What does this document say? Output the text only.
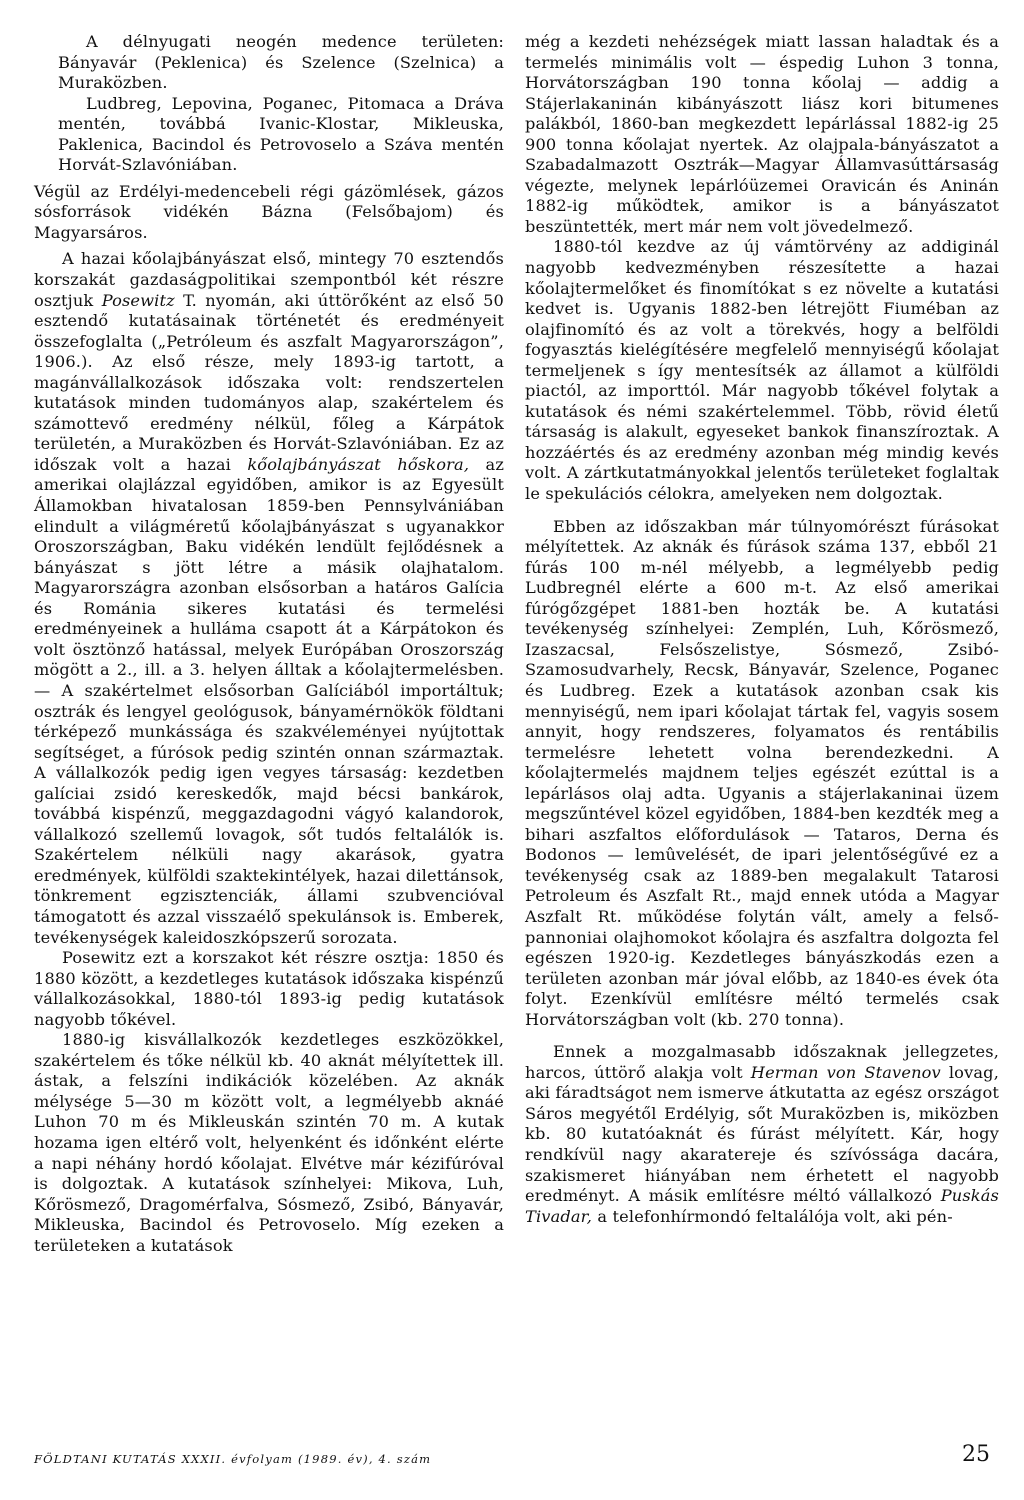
A délnyugati neogén medence területen: Bányavár (Peklenica) és Szelence (Szelnica) a Muraközben.

Ludbreg, Lepovina, Poganec, Pitomaca a Dráva mentén, továbbá Ivanic-Klostar, Mikleuska, Paklenica, Bacindol és Petrovoselo a Száva mentén Horvát-Szlavóniában.

Végül az Erdélyi-medencebeli régi gázömlések, gázos sósforrások vidékén Bázna (Felsőbajom) és Magyarsáros.

A hazai kőolajbányászat első, mintegy 70 esztendős korszakát gazdaságpolitikai szempontból két részre osztjuk Posewitz T. nyomán, aki úttörőként az első 50 esztendő kutatásainak történetét és eredményeit összefoglalta („Petróleum és aszfalt Magyarországon”, 1906.). Az első része, mely 1893-ig tartott, a magánvállalkozások időszaka volt: rendszertelen kutatások minden tudományos alap, szakértelem és számottevő eredmény nélkül, főleg a Kárpátok területén, a Muraközben és Horvát-Szlavóniában. Ez az időszak volt a hazai kőolajbányászat hőskora, az amerikai olajlázzal egyidőben, amikor is az Egyesült Államokban hivatalosan 1859-ben Pennsylvániában elindult a világméretű kőolajbányászat s ugyanakkor Oroszországban, Baku vidékén lendült fejlődésnek a bányászat s jött létre a másik olajhatalom. Magyarországra azonban elsősorban a határos Galícia és Románia sikeres kutatási és termelési eredményeinek a hulláma csapott át a Kárpátokon és volt ösztönző hatással, melyek Európában Oroszország mögött a 2., ill. a 3. helyen álltak a kőolajtermelésben. — A szakértelmet elsősorban Galíciából importáltuk; osztrák és lengyel geológusok, bányamérnökök földtani térképező munkássága és szakvéleményei nyújtottak segítséget, a fúrósok pedig szintén onnan származtak. A vállalkozók pedig igen vegyes társaság: kezdetben galíciai zsidó kereskedők, majd bécsi bankárok, továbbá kispénzű, meggazdagodni vágyó kalandorok, vállalkozó szellemű lovagok, sőt tudós feltalálók is. Szakértelem nélküli nagy akarások, gyatra eredmények, külföldi szaktekintélyek, hazai dilettánsok, tönkrement egzisztenciák, állami szubvencióval támogatott és azzal visszaélő spekulánsok is. Emberek, tevékenységek kaleidoszkópszerű sorozata.

Posewitz ezt a korszakot két részre osztja: 1850 és 1880 között, a kezdetleges kutatások időszaka kispénzű vállalkozásokkal, 1880-tól 1893-ig pedig kutatások nagyobb tőkével.

1880-ig kisvállalkozók kezdetleges eszközökkel, szakértelem és tőke nélkül kb. 40 aknát mélyítettek ill. ástak, a felszíni indikációk közelében. Az aknák mélysége 5—30 m között volt, a legmélyebb aknáé Luhon 70 m és Mikleuskán szintén 70 m. A kutak hozama igen eltérő volt, helyenként és időnként elérte a napi néhány hordó kőolajat. Elvétve már kézifúróval is dolgoztak. A kutatások színhelyei: Mikova, Luh, Kőrösmező, Dragomérfalva, Sósmező, Zsibó, Bányavár, Mikleuska, Bacindol és Petrovoselo. Míg ezeken a területeken a kutatások

még a kezdeti nehézségek miatt lassan haladtak és a termelés minimális volt — éspedig Luhon 3 tonna, Horvátországban 190 tonna kőolaj — addig a Stájerlakaninán kibányászott liász kori bitumenes palákból, 1860-ban megkezdett lepárlással 1882-ig 25 900 tonna kőolajat nyertek. Az olajpala-bányászatot a Szabadalmazott Osztrák—Magyar Államvasúttársaság végezte, melynek lepárlóüzemei Oravicán és Aninán 1882-ig működtek, amikor is a bányászatot beszüntették, mert már nem volt jövedelmező.

1880-tól kezdve az új vámtörvény az addiginál nagyobb kedvezményben részesítette a hazai kőolajtermelőket és finomítókat s ez növelte a kutatási kedvet is. Ugyanis 1882-ben létrejött Fiuméban az olajfinomító és az volt a törekvés, hogy a belföldi fogyasztás kielégítésére megfelelő mennyiségű kőolajat termeljenek s így mentesítsék az államot a külföldi piactól, az importtól. Már nagyobb tőkével folytak a kutatások és némi szakértelemmel. Több, rövid életű társaság is alakult, egyeseket bankok finanszíroztak. A hozzáértés és az eredmény azonban még mindig kevés volt. A zártkutatmányokkal jelentős területeket foglaltak le spekulációs célokra, amelyeken nem dolgoztak.

Ebben az időszakban már túlnyomórészt fúrásokat mélyítettek. Az aknák és fúrások száma 137, ebből 21 fúrás 100 m-nél mélyebb, a legmélyebb pedig Ludbregnél elérte a 600 m-t. Az első amerikai fúrógőzgépet 1881-ben hozták be. A kutatási tevékenység színhelyei: Zemplén, Luh, Kőrösmező, Izaszacsal, Felsőszelistye, Sósmező, Zsibó-Szamosudvarhely, Recsk, Bányavár, Szelence, Poganec és Ludbreg. Ezek a kutatások azonban csak kis mennyiségű, nem ipari kőolajat tártak fel, vagyis sosem annyit, hogy rendszeres, folyamatos és rentábilis termelésre lehetett volna berendezkedni. A kőolajtermelés majdnem teljes egészét ezúttal is a lepárlásos olaj adta. Ugyanis a stájerlakaninai üzem megszűntével közel egyidőben, 1884-ben kezdték meg a bihari aszfaltos előfordulások — Tataros, Derna és Bodonos — lemûvelését, de ipari jelentőségűvé ez a tevékenység csak az 1889-ben megalakult Tatarosi Petroleum és Aszfalt Rt., majd ennek utóda a Magyar Aszfalt Rt. működése folytán vált, amely a felső-pannoniai olajhomokot kőolajra és aszfaltra dolgozta fel egészen 1920-ig. Kezdetleges bányászkodás ezen a területen azonban már jóval előbb, az 1840-es évek óta folyt. Ezenkívül említésre méltó termelés csak Horvátországban volt (kb. 270 tonna).

Ennek a mozgalmasabb időszaknak jellegzetes, harcos, úttörő alakja volt Herman von Stavenov lovag, aki fáradtságot nem ismerve átkutatta az egész országot Sáros megyétől Erdélyig, sőt Muraközben is, miközben kb. 80 kutatóaknát és fúrást mélyített. Kár, hogy rendkívül nagy akaratereje és szívóssága dacára, szakismeret hiányában nem érhetett el nagyobb eredményt. A másik említésre méltó vállalkozó Puskás Tivadar, a telefonhírmondó feltalálója volt, aki pén-

FÖLDTANI KUTATÁS XXXII. évfolyam (1989. év), 4. szám	25
